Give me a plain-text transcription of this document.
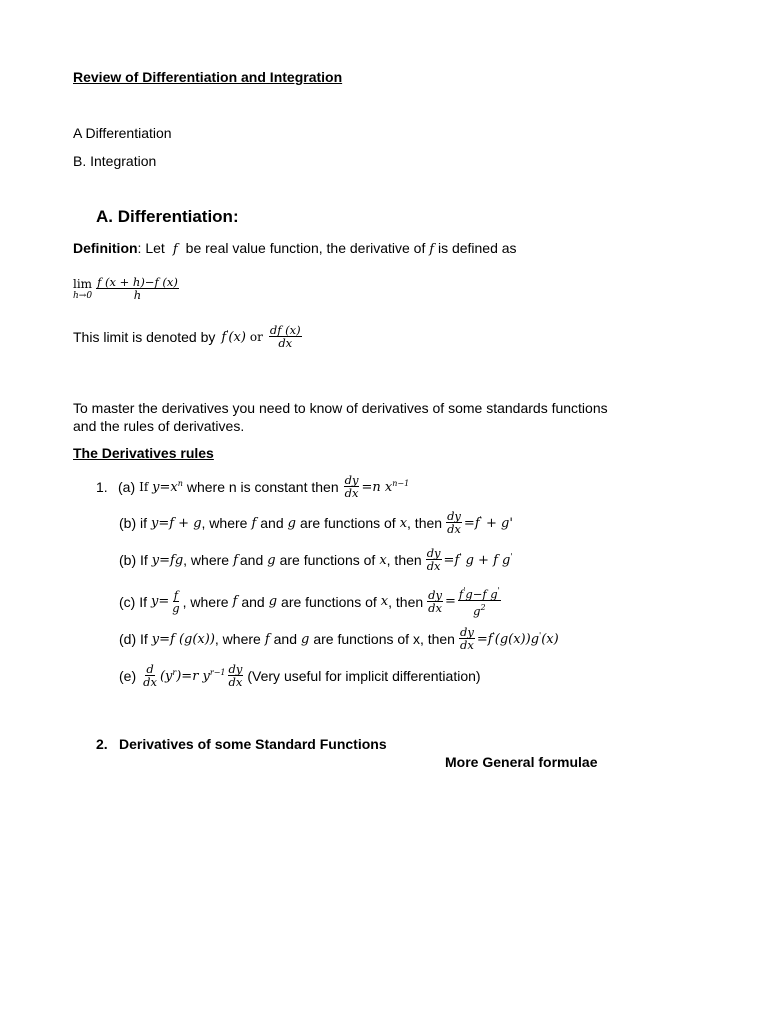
Review of Differentiation and Integration
A Differentiation
B. Integration
A. Differentiation:
Definition: Let  f  be real value function, the derivative of f is defined as
lim
$h\to 0 \frac{f (x + h)-f (x)}{h}$
This limit is denoted by f'(x) or $\frac{df (x)}{dx}$
To master the derivatives you need to know of derivatives of some standards functions
and the rules of derivatives.
The Derivatives rules
1. (a) If $y=x^n$ where n is constant then $\frac{dy}{dx} =n$ $x^{n-1}$
(b) if y=f + g , where f and g are functions of x , then $\frac{dy}{dx} =f' + g'$
(b) If y=fg , where f and g are functions of x , then $\frac{dy}{dx} =f'$ g + f g'
(c) If $y= \frac{f}{g}$ , where f and g are functions of x , then $\frac{dy}{dx} = \frac{f'g-f g'}{g^2}$
(d) If y=f (g(x)) , where f and g are functions of x, then $\frac{dy}{dx} =f'(g(x))g'(x)$
$(e) \frac{d}{dx} (y^r)=r$ $y^{r-1} \frac{dy}{dx}$ (Very useful for implicit differentiation)
2. Derivatives of some Standard Functions
More General formulae
